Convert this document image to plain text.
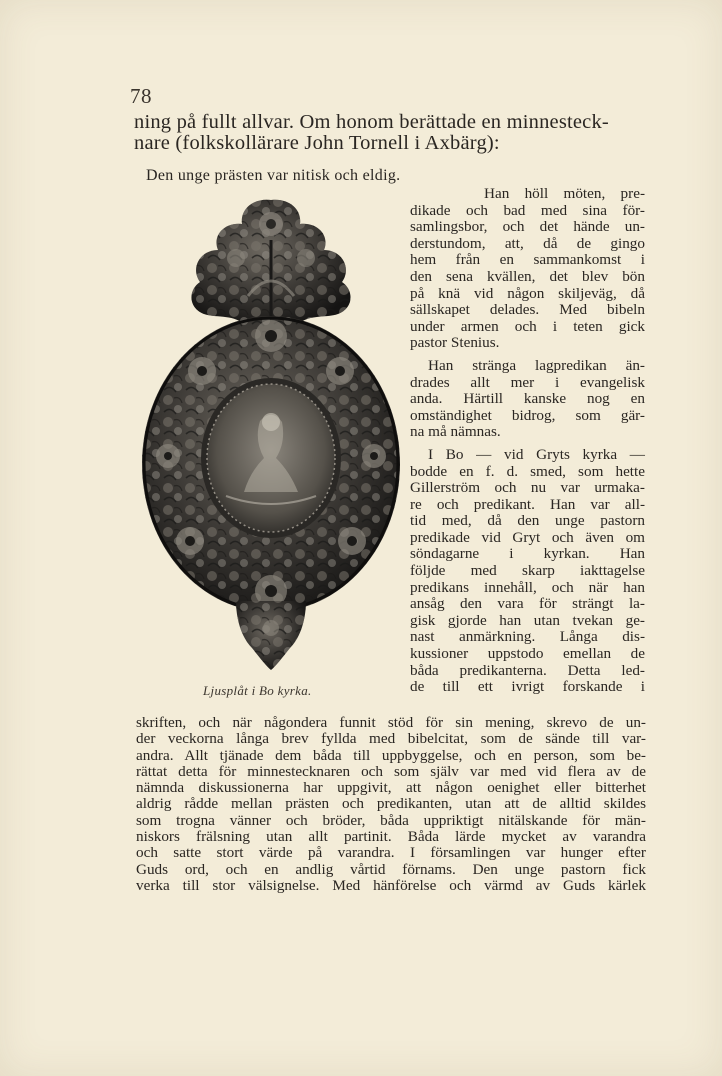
78
ning på fullt allvar. Om honom berättade en minnesteck-
nare (folkskollärare John Tornell i Axbärg):
Den unge prästen var nitisk och eldig.
Han höll möten, pre-
dikade och bad med sina för-
samlingsbor, och det hände un-
derstundom, att, då de gingo
hem från en sammankomst i
den sena kvällen, det blev bön
på knä vid någon skiljeväg, då
sällskapet delades. Med bibeln
under armen och i teten gick
pastor Stenius.
Han stränga lagpredikan än-
drades allt mer i evangelisk
anda. Härtill kanske nog en
omständighet bidrog, som gär-
na må nämnas.
I Bo — vid Gryts kyrka —
bodde en f. d. smed, som hette
Gillerström och nu var urmaka-
re och predikant. Han var all-
tid med, då den unge pastorn
predikade vid Gryt och även om
söndagarne i kyrkan. Han
följde med skarp iakttagelse
predikans innehåll, och när han
ansåg den vara för strängt la-
gisk gjorde han utan tvekan ge-
nast anmärkning. Långa dis-
kussioner uppstodo emellan de
båda predikanterna. Detta led-
de till ett ivrigt forskande i
Ljusplåt i Bo kyrka.
skriften, och när någondera funnit stöd för sin mening, skrevo de un-
der veckorna långa brev fyllda med bibelcitat, som de sände till var-
andra. Allt tjänade dem båda till uppbyggelse, och en person, som be-
rättat detta för minnestecknaren och som själv var med vid flera av de
nämnda diskussionerna har uppgivit, att någon oenighet eller bitterhet
aldrig rådde mellan prästen och predikanten, utan att de alltid skildes
som trogna vänner och bröder, båda uppriktigt nitälskande för män-
niskors frälsning utan allt partinit. Båda lärde mycket av varandra
och satte stort värde på varandra. I församlingen var hunger efter
Guds ord, och en andlig vårtid förnams. Den unge pastorn fick
verka till stor välsignelse. Med hänförelse och värmd av Guds kärlek
